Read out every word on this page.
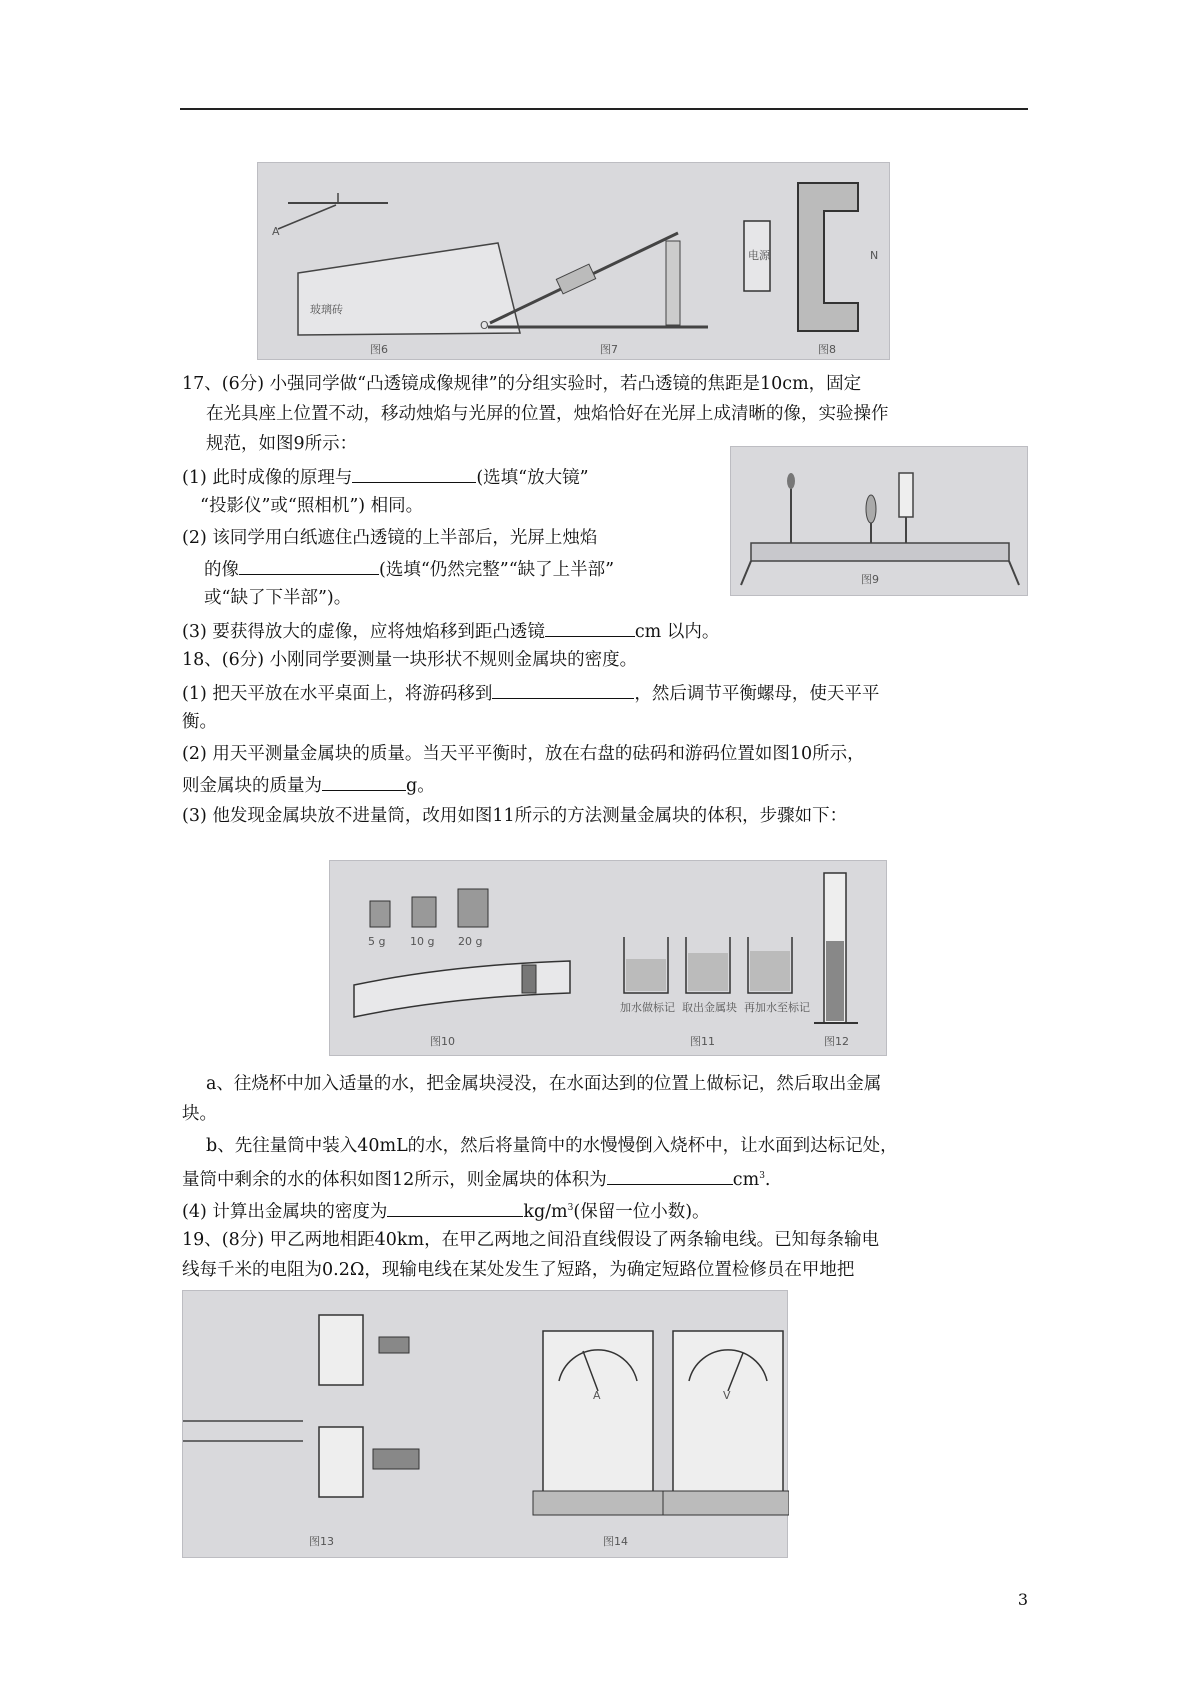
A
玻璃砖
图6
O
图7
电源	N
图8
17、(6分) 小强同学做“凸透镜成像规律”的分组实验时，若凸透镜的焦距是10cm，固定
在光具座上位置不动，移动烛焰与光屏的位置，烛焰恰好在光屏上成清晰的像，实验操作
规范，如图9所示：
(1) 此时成像的原理与	(选填“放大镜”
“投影仪”或“照相机”) 相同。
(2) 该同学用白纸遮住凸透镜的上半部后，光屏上烛焰
的像	(选填“仍然完整”“缺了上半部”
或“缺了下半部”)。
图9
(3) 要获得放大的虚像，应将烛焰移到距凸透镜	cm 以内。
18、(6分) 小刚同学要测量一块形状不规则金属块的密度。
(1) 把天平放在水平桌面上，将游码移到	，然后调节平衡螺母，使天平平
衡。
(2) 用天平测量金属块的质量。当天平平衡时，放在右盘的砝码和游码位置如图10所示，
则金属块的质量为	g。
(3) 他发现金属块放不进量筒，改用如图11所示的方法测量金属块的体积，步骤如下：
5 g 10 g 20 g
图10
加水做标记 取出金属块 再加水至标记
图11	图12
a、往烧杯中加入适量的水，把金属块浸没，在水面达到的位置上做标记，然后取出金属
块。
b、先往量筒中装入40mL的水，然后将量筒中的水慢慢倒入烧杯中，让水面到达标记处，
量筒中剩余的水的体积如图12所示，则金属块的体积为	$cm^3$.
(4) 计算出金属块的密度为	$kg/m^3$(保留一位小数)。
19、(8分) 甲乙两地相距40km，在甲乙两地之间沿直线假设了两条输电线。已知每条输电
线每千米的电阻为0.2Ω，现输电线在某处发生了短路，为确定短路位置检修员在甲地把
图13
A
图14
V
3
